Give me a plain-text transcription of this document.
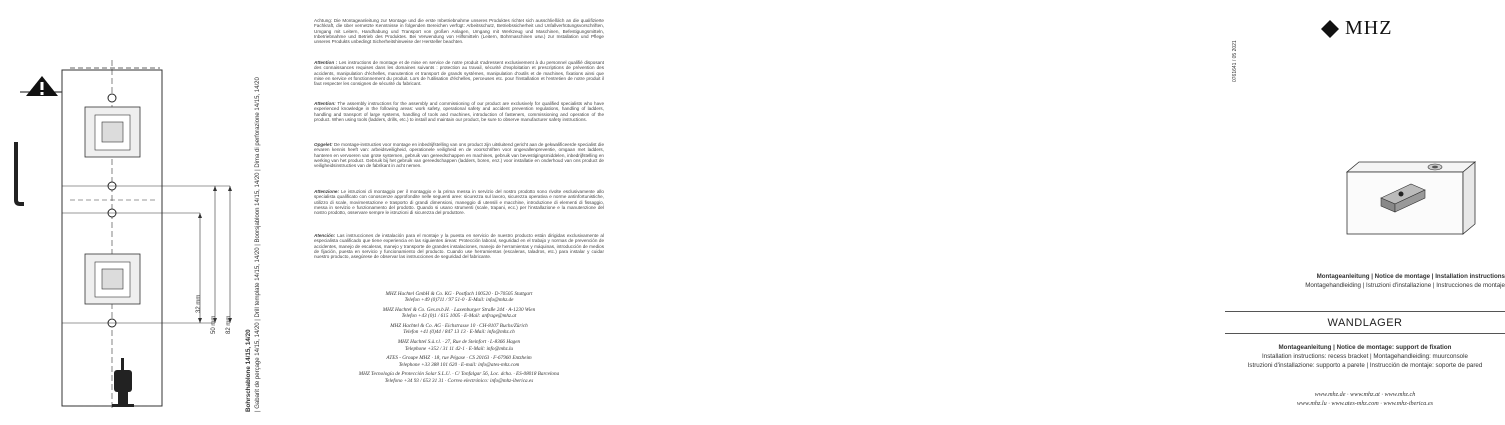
32 mm
50 mm 82 mm
Bohrschablone 14/15, 14/20 | Gabarit de perçage 14/15, 14/20 | Drill template 14/15, 14/20 | Boorsjabloon 14/15, 14/20 | Dima di perforazione 14/15, 14/20
Achtung: Die Montageanleitung zur Montage und die erste Inbetriebnahme unseres Produktes richtet sich ausschließlich an die qualifizierte Fachkraft, die über vernetzte Kenntnisse in folgenden Bereichen verfügt: Arbeitsschutz, Betriebssicherheit und Unfallverhütungsvorschriften, Umgang mit Leitern, Handhabung und Transport von großen Anlagen, Umgang mit Werkzeug und Maschinen, Befestigungsmitteln, Inbetriebnahme und Betrieb des Produktes. Bei Verwendung von Hilfsmitteln (Leitern, Bohrmaschinen usw.) zur Installation und Pflege unseres Produkts unbedingt Sicherheitshinweise der Hersteller beachten.
Attention : Les instructions de montage et de mise en service de notre produit s'adressent exclusivement à du personnel qualifié disposant des connaissances requises dans les domaines suivants : protection au travail, sécurité d'exploitation et prescriptions de prévention des accidents, manipulation d'échelles, manutention et transport de grands systèmes, manipulation d'outils et de machines, fixations ainsi que mise en service et fonctionnement du produit. Lors de l'utilisation d'échelles, perceuses etc. pour l'installation et l'entretien de notre produit il faut respecter les consignes de sécurité du fabricant.
Attention: The assembly instructions for the assembly and commissioning of our product are exclusively for qualified specialists who have experienced knowledge in the following areas: work safety, operational safety and accident prevention regulations, handling of ladders, handling and transport of large systems, handling of tools and machines, introduction of fasteners, commissioning and operation of the product. When using tools (ladders, drills, etc.) to install and maintain our product, be sure to observe manufacturer safety instructions.
Opgelet: De montage-instructies voor montage en inbedrijfstelling van ons product zijn uitsluitend gericht aan de gekwalificeerde specialist die ervaren kennis heeft van: arbeidsveiligheid, operationele veiligheid en de voorschriften voor ongevallenpreventie, omgaan met ladders, hanteren en vervoeren van grote systemen, gebruik van gereedschappen en machines, gebruik van bevestigingsmiddelen, inbedrijfstelling en werking van het product. Gebruik bij het gebruik van gereedschappen (ladders, boren, enz.) voor installatie en onderhoud van ons product de veiligheidsinstructies van de fabrikant in acht nemen.
Attenzione: Le istruzioni di montaggio per il montaggio e la prima messa in servizio del nostro prodotto sono rivolte esclusivamente allo specialista qualificato con conoscenze approfondite nelle seguenti aree: sicurezza sul lavoro, sicurezza operativa e norme antinfortunistiche, utilizzo di scale, movimentazione e trasporto di grandi dimensioni, maneggio di utensili e macchine, introduzione di elementi di fissaggio, messa in servizio e funzionamento del prodotto. Quando si usano strumenti (scale, trapani, ecc.) per l'installazione e la manutenzione del nostro prodotto, osservare sempre le istruzioni di sicurezza del produttore.
Atención: Las instrucciones de instalación para el montaje y la puesta en servicio de nuestro producto están dirigidas exclusivamente al especialista cualificado que tiene experiencia en las siguientes áreas: Protección laboral, seguridad en el trabajo y normas de prevención de accidentes, manejo de escaleras, manejo y transporte de grandes instalaciones, manejo de herramientas y máquinas, introducción de medios de fijación, puesta en servicio y funcionamiento del producto. Cuando use herramientas (escaleras, taladros, etc.) para instalar y cuidar nuestro producto, asegúrese de observar las instrucciones de seguridad del fabricante.

MHZ Hachtel GmbH & Co. KG · Postfach 100520 · D-70505 Stuttgart
Telefon +49 (0)711 / 97 51-0 · E-Mail: info@mhz.de

MHZ Hachtel & Co. Ges.m.b.H. · Laxenburger Straße 244 · A-1230 Wien
Telefon +43 (0)1 / 615 1005 · E-Mail: anfrage@mhz.at

MHZ Hachtel & Co. AG · Eichstrasse 10 · CH-8107 Buchs/Zürich
Telefon +41 (0)44 / 847 13 13 · E-Mail: info@mhz.ch

MHZ Hachtel S.à.r.l. · 27, Rue de Steinfort · L-8366 Hagen
Telephone +352 / 31 11 42-1 · E-Mail: info@mhz.lu

ATES - Groupe MHZ · 18, rue Pégase · CS 20163 · F-67960 Entzheim
Telephone +33 388 101 620 · E-mail: info@ates-mhz.com

MHZ Tecnología de Protección Solar S.L.U. · C/ Tonfalgar 56, Loc. dcha. · ES-08018 Barcelona
Telefono +34 93 / 653 31 31 · Correo electrónico: info@mhz-iberica.es

MHZ
0761641 / 05 2021
Montageanleitung | Notice de montage | Installation instructions
Montagehandleiding | Istruzioni d'installazione | Instrucciones de montaje
WANDLAGER
Montageanleitung | Notice de montage: support de fixation
Installation instructions: recess bracket | Montagehandleiding: muurconsole
Istruzioni d'installazione: supporto a parete | Instrucción de montaje: soporte de pared
www.mhz.de · www.mhz.at · www.mhz.ch
www.mhz.lu · www.ates-mhz.com · www.mhz-iberica.es
